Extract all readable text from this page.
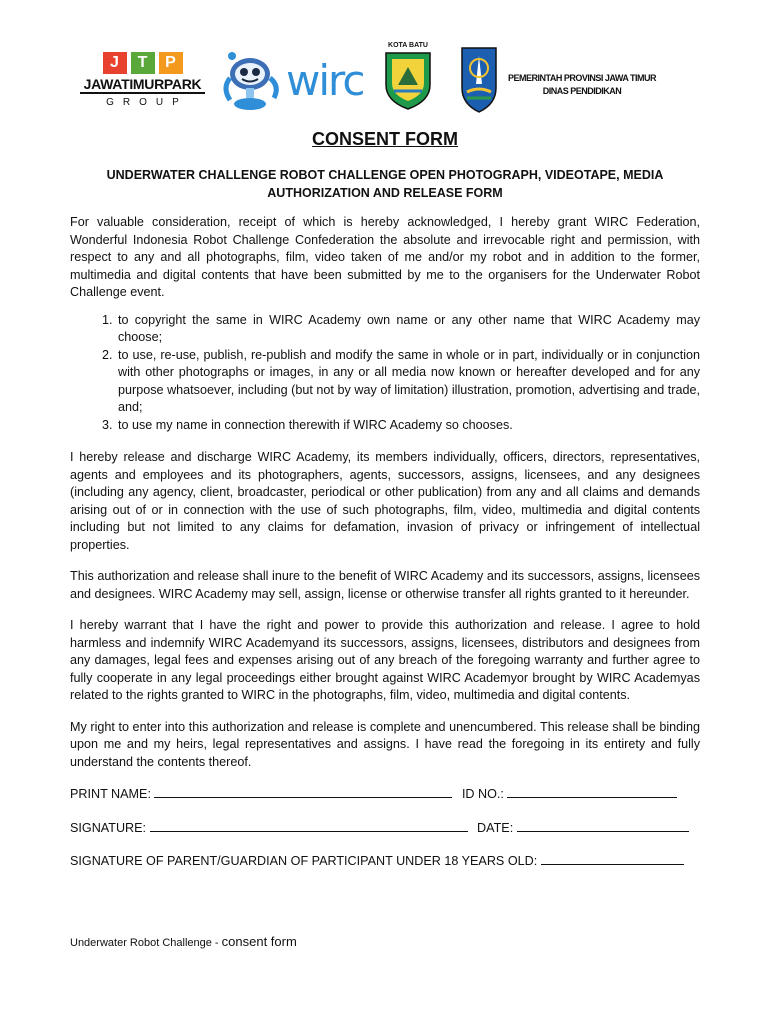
J	T	P
JAWATIMURPARK
GROUP	wirc
KOTA BATU
PEMERINTAH PROVINSI JAWA TIMUR
DINAS PENDIDIKAN
CONSENT FORM
UNDERWATER CHALLENGE ROBOT CHALLENGE OPEN PHOTOGRAPH, VIDEOTAPE, MEDIA AUTHORIZATION AND RELEASE FORM

For valuable consideration, receipt of which is hereby acknowledged, I hereby grant WIRC Federation, Wonderful Indonesia Robot Challenge Confederation the absolute and irrevocable right and permission, with respect to any and all photographs, film, video taken of me and/or my robot and in addition to the former, multimedia and digital contents that have been submitted by me to the organisers for the Underwater Robot Challenge event.

1. to copyright the same in WIRC Academy own name or any other name that WIRC Academy may choose;
2. to use, re-use, publish, re-publish and modify the same in whole or in part, individually or in conjunction with other photographs or images, in any or all media now known or hereafter developed and for any purpose whatsoever, including (but not by way of limitation) illustration, promotion, advertising and trade, and;
3. to use my name in connection therewith if WIRC Academy so chooses.

I hereby release and discharge WIRC Academy, its members individually, officers, directors, representatives, agents and employees and its photographers, agents, successors, assigns, licensees, and any designees (including any agency, client, broadcaster, periodical or other publication) from any and all claims and demands arising out of or in connection with the use of such photographs, film, video, multimedia and digital contents including but not limited to any claims for defamation, invasion of privacy or infringement of intellectual properties.

This authorization and release shall inure to the benefit of WIRC Academy and its successors, assigns, licensees and designees. WIRC Academy may sell, assign, license or otherwise transfer all rights granted to it hereunder.

I hereby warrant that I have the right and power to provide this authorization and release. I agree to hold harmless and indemnify WIRC Academyand its successors, assigns, licensees, distributors and designees from any damages, legal fees and expenses arising out of any breach of the foregoing warranty and further agree to fully cooperate in any legal proceedings either brought against WIRC Academyor brought by WIRC Academyas related to the rights granted to WIRC in the photographs, film, video, multimedia and digital contents.

My right to enter into this authorization and release is complete and unencumbered. This release shall be binding upon me and my heirs, legal representatives and assigns. I have read the foregoing in its entirety and fully understand the contents thereof.

PRINT NAME:	ID NO.:
SIGNATURE:	DATE:
SIGNATURE OF PARENT/GUARDIAN OF PARTICIPANT UNDER 18 YEARS OLD:
Underwater Robot Challenge - consent form
